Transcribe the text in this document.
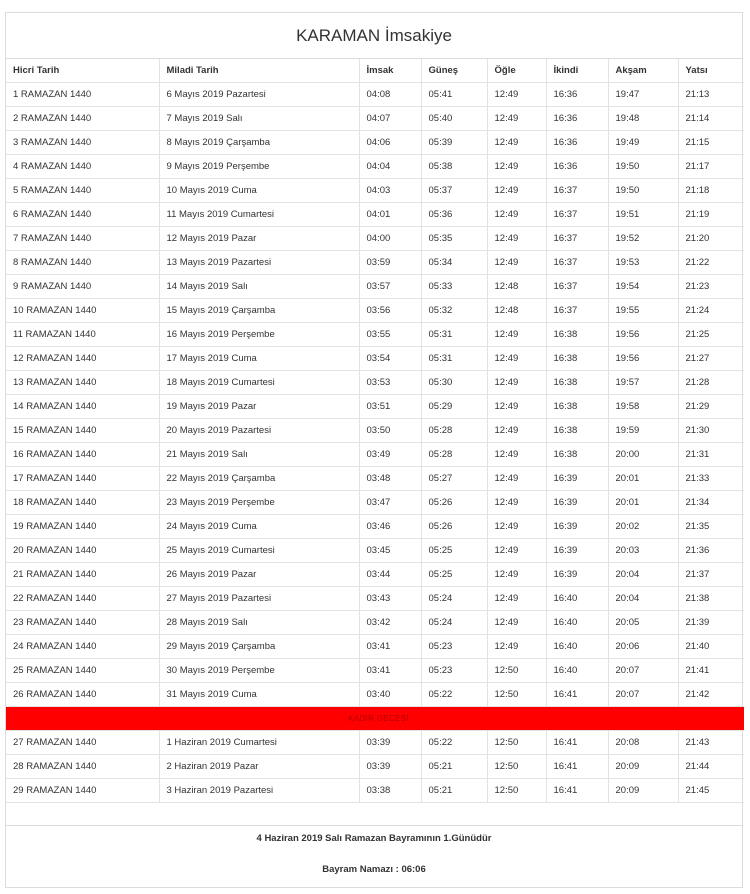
KARAMAN İmsakiye
Hicri Tarih	Miladi Tarih	İmsak	Güneş	Öğle	İkindi	Akşam	Yatsı
1 RAMAZAN 1440	6 Mayıs 2019 Pazartesi	04:08	05:41	12:49	16:36	19:47	21:13
2 RAMAZAN 1440	7 Mayıs 2019 Salı	04:07	05:40	12:49	16:36	19:48	21:14
3 RAMAZAN 1440	8 Mayıs 2019 Çarşamba	04:06	05:39	12:49	16:36	19:49	21:15
4 RAMAZAN 1440	9 Mayıs 2019 Perşembe	04:04	05:38	12:49	16:36	19:50	21:17
5 RAMAZAN 1440	10 Mayıs 2019 Cuma	04:03	05:37	12:49	16:37	19:50	21:18
6 RAMAZAN 1440	11 Mayıs 2019 Cumartesi	04:01	05:36	12:49	16:37	19:51	21:19
7 RAMAZAN 1440	12 Mayıs 2019 Pazar	04:00	05:35	12:49	16:37	19:52	21:20
8 RAMAZAN 1440	13 Mayıs 2019 Pazartesi	03:59	05:34	12:49	16:37	19:53	21:22
9 RAMAZAN 1440	14 Mayıs 2019 Salı	03:57	05:33	12:48	16:37	19:54	21:23
10 RAMAZAN 1440	15 Mayıs 2019 Çarşamba	03:56	05:32	12:48	16:37	19:55	21:24
11 RAMAZAN 1440	16 Mayıs 2019 Perşembe	03:55	05:31	12:49	16:38	19:56	21:25
12 RAMAZAN 1440	17 Mayıs 2019 Cuma	03:54	05:31	12:49	16:38	19:56	21:27
13 RAMAZAN 1440	18 Mayıs 2019 Cumartesi	03:53	05:30	12:49	16:38	19:57	21:28
14 RAMAZAN 1440	19 Mayıs 2019 Pazar	03:51	05:29	12:49	16:38	19:58	21:29
15 RAMAZAN 1440	20 Mayıs 2019 Pazartesi	03:50	05:28	12:49	16:38	19:59	21:30
16 RAMAZAN 1440	21 Mayıs 2019 Salı	03:49	05:28	12:49	16:38	20:00	21:31
17 RAMAZAN 1440	22 Mayıs 2019 Çarşamba	03:48	05:27	12:49	16:39	20:01	21:33
18 RAMAZAN 1440	23 Mayıs 2019 Perşembe	03:47	05:26	12:49	16:39	20:01	21:34
19 RAMAZAN 1440	24 Mayıs 2019 Cuma	03:46	05:26	12:49	16:39	20:02	21:35
20 RAMAZAN 1440	25 Mayıs 2019 Cumartesi	03:45	05:25	12:49	16:39	20:03	21:36
21 RAMAZAN 1440	26 Mayıs 2019 Pazar	03:44	05:25	12:49	16:39	20:04	21:37
22 RAMAZAN 1440	27 Mayıs 2019 Pazartesi	03:43	05:24	12:49	16:40	20:04	21:38
23 RAMAZAN 1440	28 Mayıs 2019 Salı	03:42	05:24	12:49	16:40	20:05	21:39
24 RAMAZAN 1440	29 Mayıs 2019 Çarşamba	03:41	05:23	12:49	16:40	20:06	21:40
25 RAMAZAN 1440	30 Mayıs 2019 Perşembe	03:41	05:23	12:50	16:40	20:07	21:41
26 RAMAZAN 1440	31 Mayıs 2019 Cuma	03:40	05:22	12:50	16:41	20:07	21:42
KADIR GECESİ							
27 RAMAZAN 1440	1 Haziran 2019 Cumartesi	03:39	05:22	12:50	16:41	20:08	21:43
28 RAMAZAN 1440	2 Haziran 2019 Pazar	03:39	05:21	12:50	16:41	20:09	21:44
29 RAMAZAN 1440	3 Haziran 2019 Pazartesi	03:38	05:21	12:50	16:41	20:09	21:45
4 Haziran 2019 Salı Ramazan Bayramının 1.Günüdür
Bayram Namazı : 06:06
